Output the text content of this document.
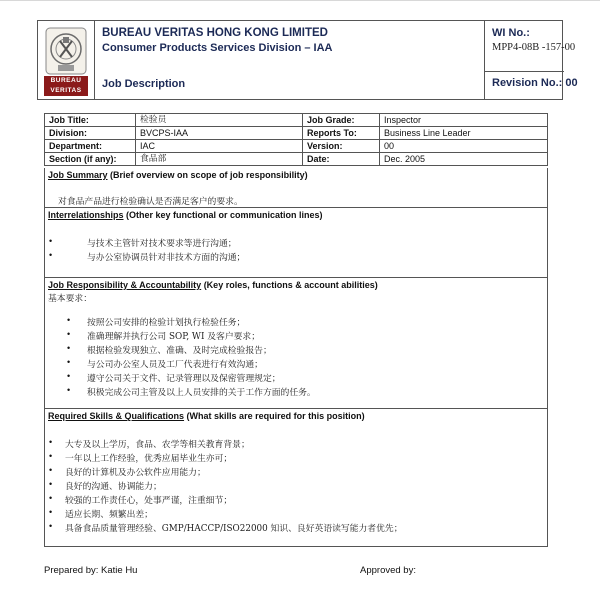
BUREAU
VERITAS
BUREAU VERITAS HONG KONG LIMITED
Consumer Products Services Division – IAA
Job Description
WI No.:
MPP4-08B -157-00
Revision No.: 00
Job Title:	检验员	Job Grade:	Inspector
Division:	BVCPS-IAA	Reports To:	Business Line Leader
Department:	IAC	Version:	00
Section (if any):	食品部	Date:	Dec. 2005
Job Summary (Brief overview on scope of job responsibility)
对食品产品进行检验确认是否满足客户的要求。
Interrelationships (Other key functional or communication lines)
•	与技术主管针对技术要求等进行沟通；
•	与办公室协调员针对非技术方面的沟通；
Job Responsibility & Accountability (Key roles, functions & account abilities)
基本要求：
• 按照公司安排的检验计划执行检验任务；
• 准确理解并执行公司 SOP, WI 及客户要求；
• 根据检验发现独立、准确、及时完成检验报告；
• 与公司办公室人员及工厂代表进行有效沟通；
• 遵守公司关于文件、记录管理以及保密管理规定；
• 积极完成公司主管及以上人员安排的关于工作方面的任务。
Required Skills & Qualifications (What skills are required for this position)
• 大专及以上学历，食品、农学等相关教育背景；
• 一年以上工作经验，优秀应届毕业生亦可；
• 良好的计算机及办公软件应用能力；
• 良好的沟通、协调能力；
• 较强的工作责任心，处事严谨，注重细节；
• 适应长期、频繁出差；
• 具备食品质量管理经验、GMP/HACCP/ISO22000 知识、良好英语读写能力者优先；
Prepared by: Katie Hu	Approved by:
